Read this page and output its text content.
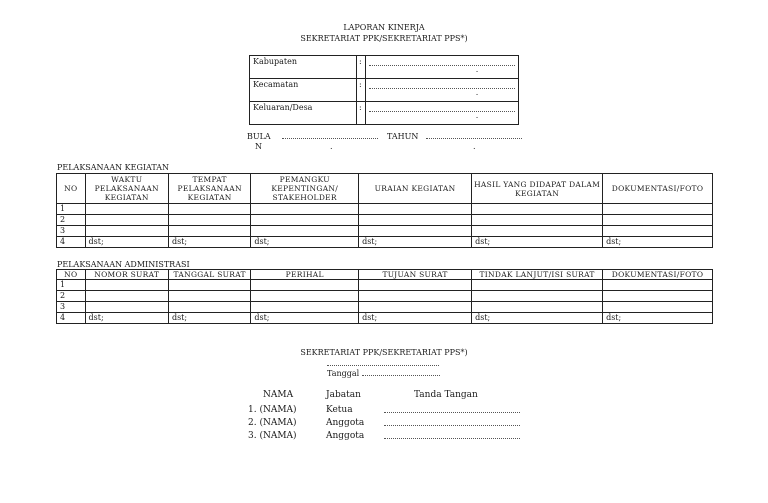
LAPORAN KINERJA
SEKRETARIAT PPK/SEKRETARIAT PPS*)
Kabupaten	:	.

Kecamatan	:	.

Keluaran/Desa	:	.
BULA
N	.
TAHUN
.
PELAKSANAAN KEGIATAN
NO	WAKTU PELAKSANAAN KEGIATAN	TEMPAT PELAKSANAAN KEGIATAN	PEMANGKU KEPENTINGAN/ STAKEHOLDER	URAIAN KEGIATAN	HASIL YANG DIDAPAT DALAM KEGIATAN	DOKUMENTASI/FOTO
1						
2						
3						
4	dst;	dst;	dst;	dst;	dst;	dst;
PELAKSANAAN ADMINISTRASI
NO	NOMOR SURAT	TANGGAL SURAT	PERIHAL	TUJUAN SURAT	TINDAK LANJUT/ISI SURAT	DOKUMENTASI/FOTO
1						
2						
3						
4	dst;	dst;	dst;	dst;	dst;	dst;
SEKRETARIAT PPK/SEKRETARIAT PPS*)
Tanggal
NAMA	Jabatan	Tanda Tangan
1. (NAMA)	Ketua
2. (NAMA)	Anggota
3. (NAMA)	Anggota
